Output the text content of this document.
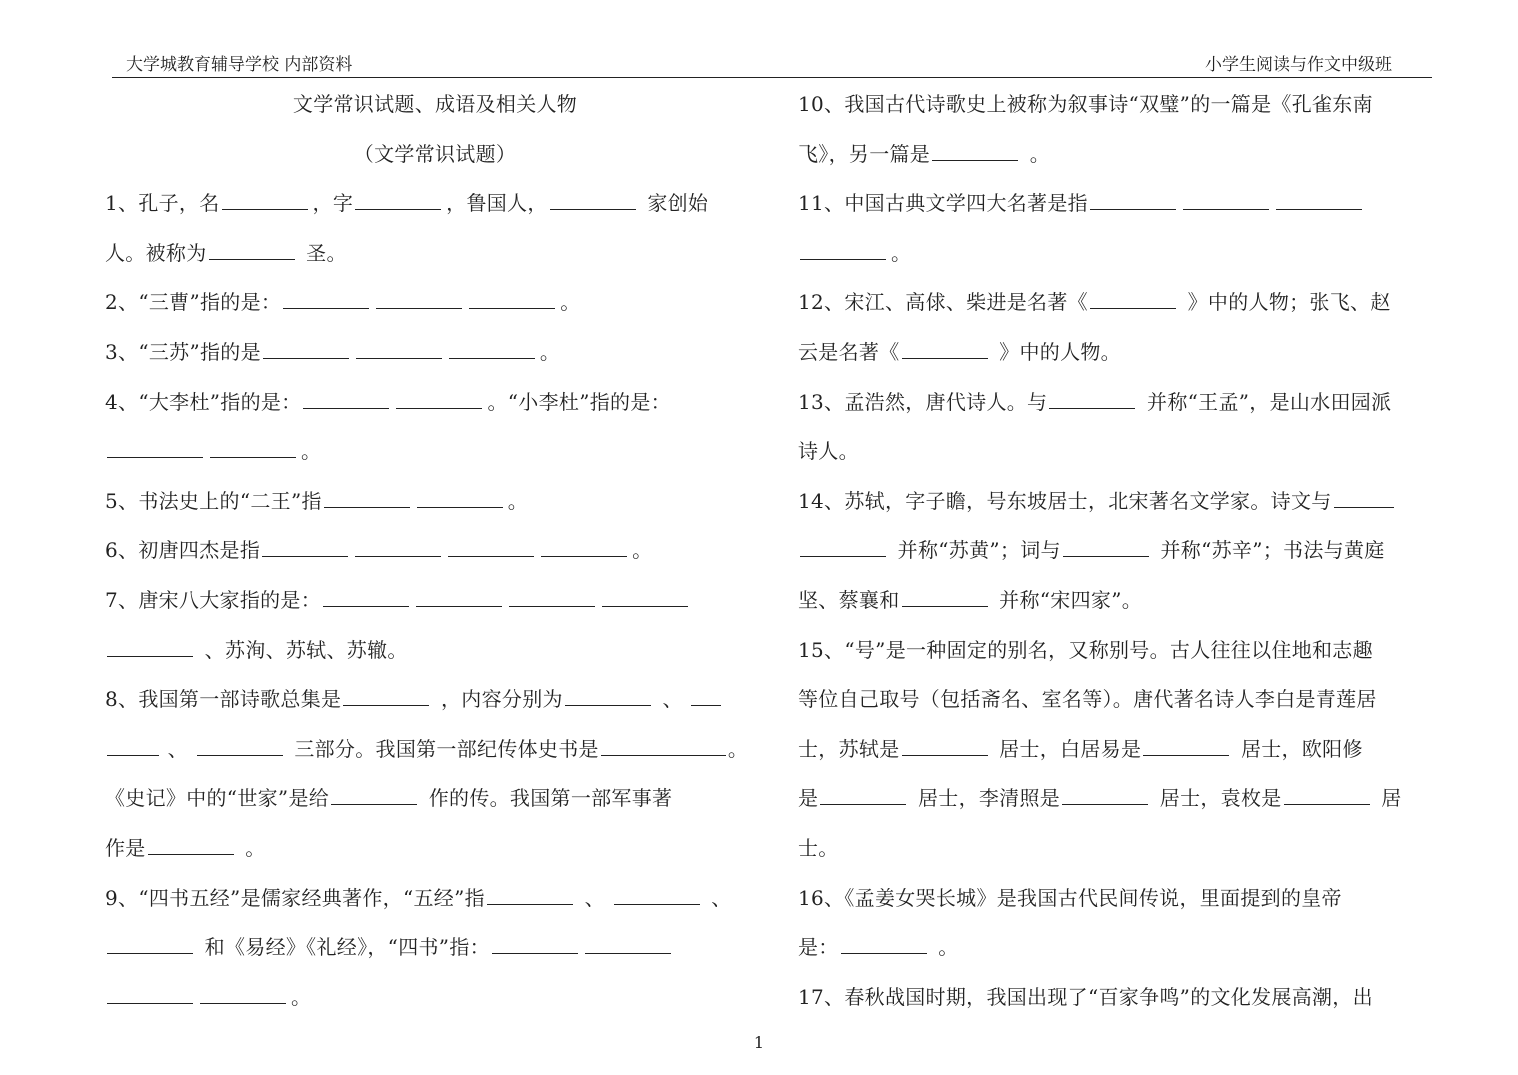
大学城教育辅导学校 内部资料	小学生阅读与作文中级班
文学常识试题、成语及相关人物
（文学常识试题）
1、孔子，名	，字	，鲁国人，	家创始
人。被称为	圣。
2、“三曹”指的是：	。
3、“三苏”指的是	。
4、“大李杜”指的是：	。“小李杜”指的是：
。
5、书法史上的“二王”指	。
6、初唐四杰是指	。
7、唐宋八大家指的是：
、苏洵、苏轼、苏辙。
8、我国第一部诗歌总集是	，内容分别为	、
、	三部分。我国第一部纪传体史书是	。
《史记》中的“世家”是给	作的传。我国第一部军事著
作是	。
9、“四书五经”是儒家经典著作，“五经”指	、	、
和《易经》《礼经》，“四书”指：
。
10、我国古代诗歌史上被称为叙事诗“双璧”的一篇是《孔雀东南
飞》，另一篇是	。
11、中国古典文学四大名著是指
。
12、宋江、高俅、柴进是名著《	》中的人物；张飞、赵
云是名著《	》中的人物。
13、孟浩然，唐代诗人。与	并称“王孟”，是山水田园派
诗人。
14、苏轼，字子瞻，号东坡居士，北宋著名文学家。诗文与
并称“苏黄”；词与	并称“苏辛”；书法与黄庭
坚、蔡襄和	并称“宋四家”。
15、“号”是一种固定的别名，又称别号。古人往往以住地和志趣
等位自己取号（包括斋名、室名等）。唐代著名诗人李白是青莲居
士，苏轼是	居士，白居易是	居士，欧阳修
是	居士，李清照是	居士，袁枚是	居
士。
16、《孟姜女哭长城》是我国古代民间传说，里面提到的皇帝
是：	。
17、春秋战国时期，我国出现了“百家争鸣”的文化发展高潮，出
1
